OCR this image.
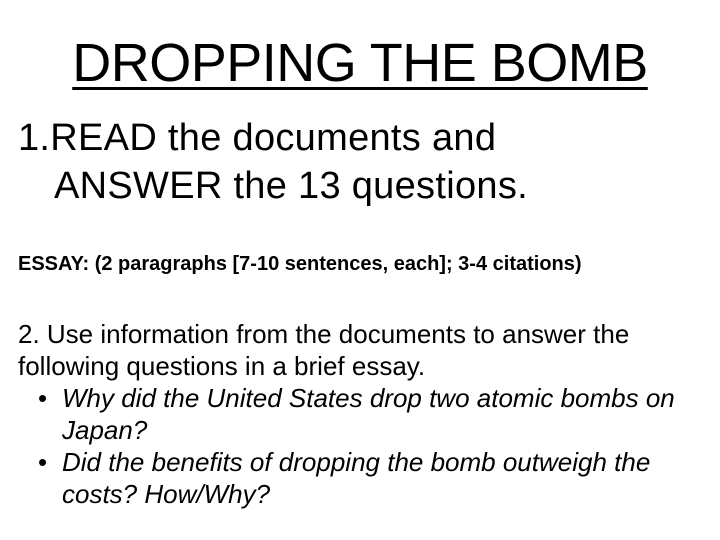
DROPPING THE BOMB
1.READ the documents and
ANSWER the 13 questions.
ESSAY: (2 paragraphs [7-10 sentences, each]; 3-4 citations)
2. Use information from the documents to answer the following questions in a brief essay.
• Why did the United States drop two atomic bombs on Japan?
• Did the benefits of dropping the bomb outweigh the costs? How/Why?
